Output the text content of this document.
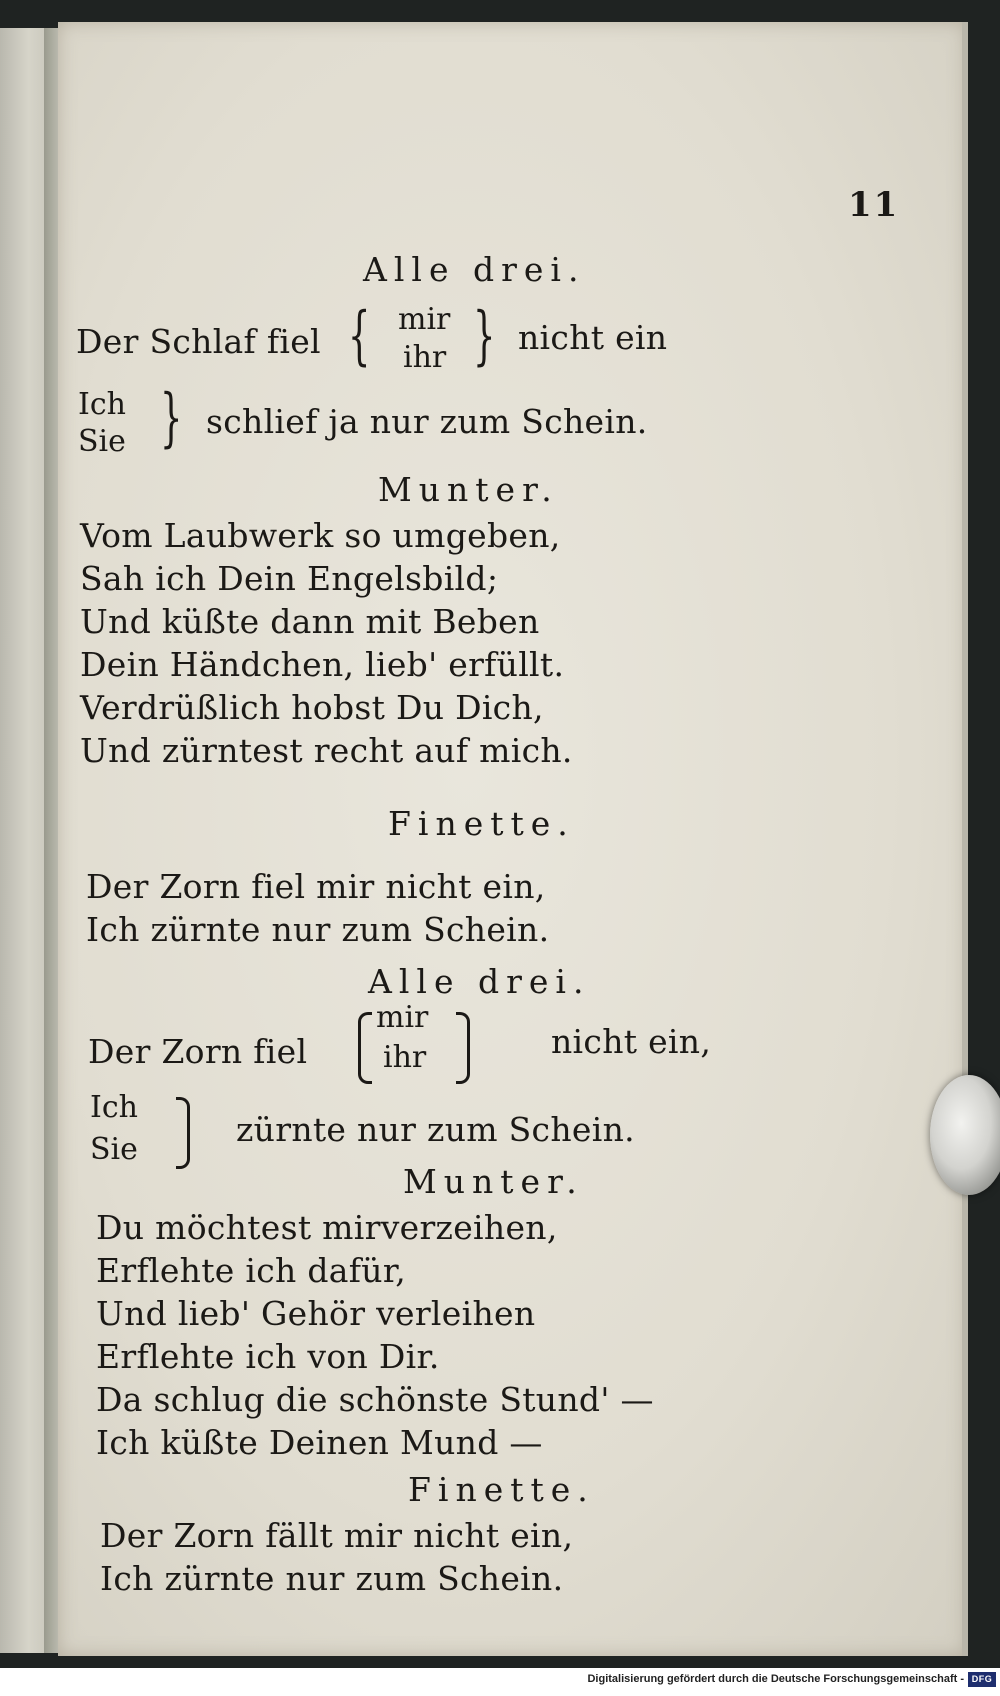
11
Alle drei.
Der Schlaf fiel { mir
ihr } nicht ein
Ich
Sie } schlief ja nur zum Schein.
Munter.
Vom Laubwerk so umgeben,
Sah ich Dein Engelsbild;
Und küßte dann mit Beben
Dein Händchen, lieb' erfüllt.
Verdrüßlich hobst Du Dich,
Und zürntest recht auf mich.
Finette.
Der Zorn fiel mir nicht ein,
Ich zürnte nur zum Schein.
Alle drei.
Der Zorn fiel
mir
ihr	nicht ein,
Ich
Sie
zürnte nur zum Schein.
Munter.
Du möchtest mirverzeihen,
Erflehte ich dafür,
Und lieb' Gehör verleihen
Erflehte ich von Dir.
Da schlug die schönste Stund' —
Ich küßte Deinen Mund —
Finette.
Der Zorn fällt mir nicht ein,
Ich zürnte nur zum Schein.
Digitalisierung gefördert durch die Deutsche Forschungsgemeinschaft - DFG
